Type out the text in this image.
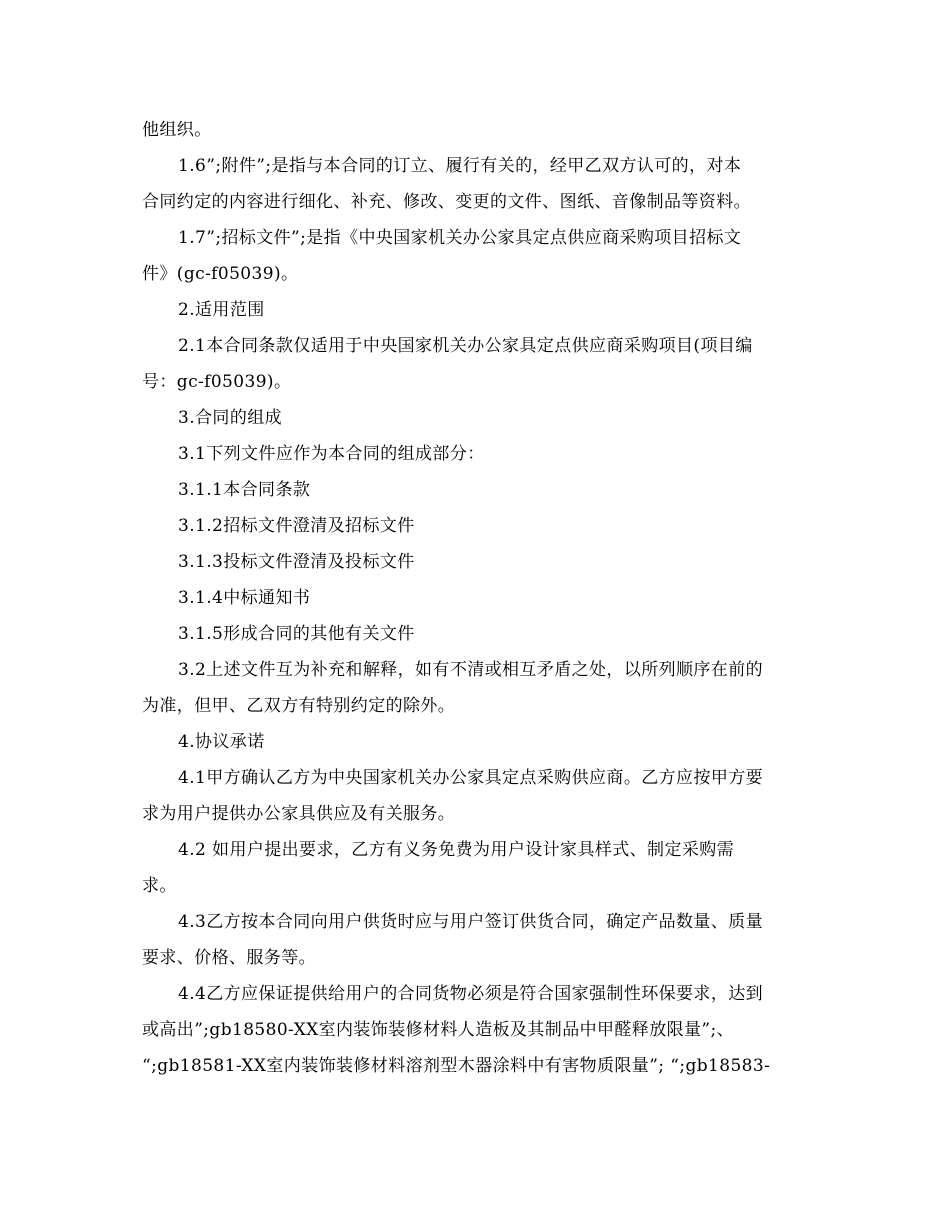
他组织。

1.6”;附件”;是指与本合同的订立、履行有关的，经甲乙双方认可的，对本
合同约定的内容进行细化、补充、修改、变更的文件、图纸、音像制品等资料。

1.7”;招标文件”;是指《中央国家机关办公家具定点供应商采购项目招标文
件》(gc-f05039)。

2.适用范围

2.1本合同条款仅适用于中央国家机关办公家具定点供应商采购项目(项目编
号：gc-f05039)。

3.合同的组成

3.1下列文件应作为本合同的组成部分：

3.1.1本合同条款

3.1.2招标文件澄清及招标文件

3.1.3投标文件澄清及投标文件

3.1.4中标通知书

3.1.5形成合同的其他有关文件

3.2上述文件互为补充和解释，如有不清或相互矛盾之处，以所列顺序在前的
为准，但甲、乙双方有特别约定的除外。

4.协议承诺

4.1甲方确认乙方为中央国家机关办公家具定点采购供应商。乙方应按甲方要
求为用户提供办公家具供应及有关服务。

4.2 如用户提出要求，乙方有义务免费为用户设计家具样式、制定采购需
求。

4.3乙方按本合同向用户供货时应与用户签订供货合同，确定产品数量、质量
要求、价格、服务等。

4.4乙方应保证提供给用户的合同货物必须是符合国家强制性环保要求，达到
或高出”;gb18580-XX室内装饰装修材料人造板及其制品中甲醛释放限量”;、
“;gb18581-XX室内装饰装修材料溶剂型木器涂料中有害物质限量”; “;gb18583-
